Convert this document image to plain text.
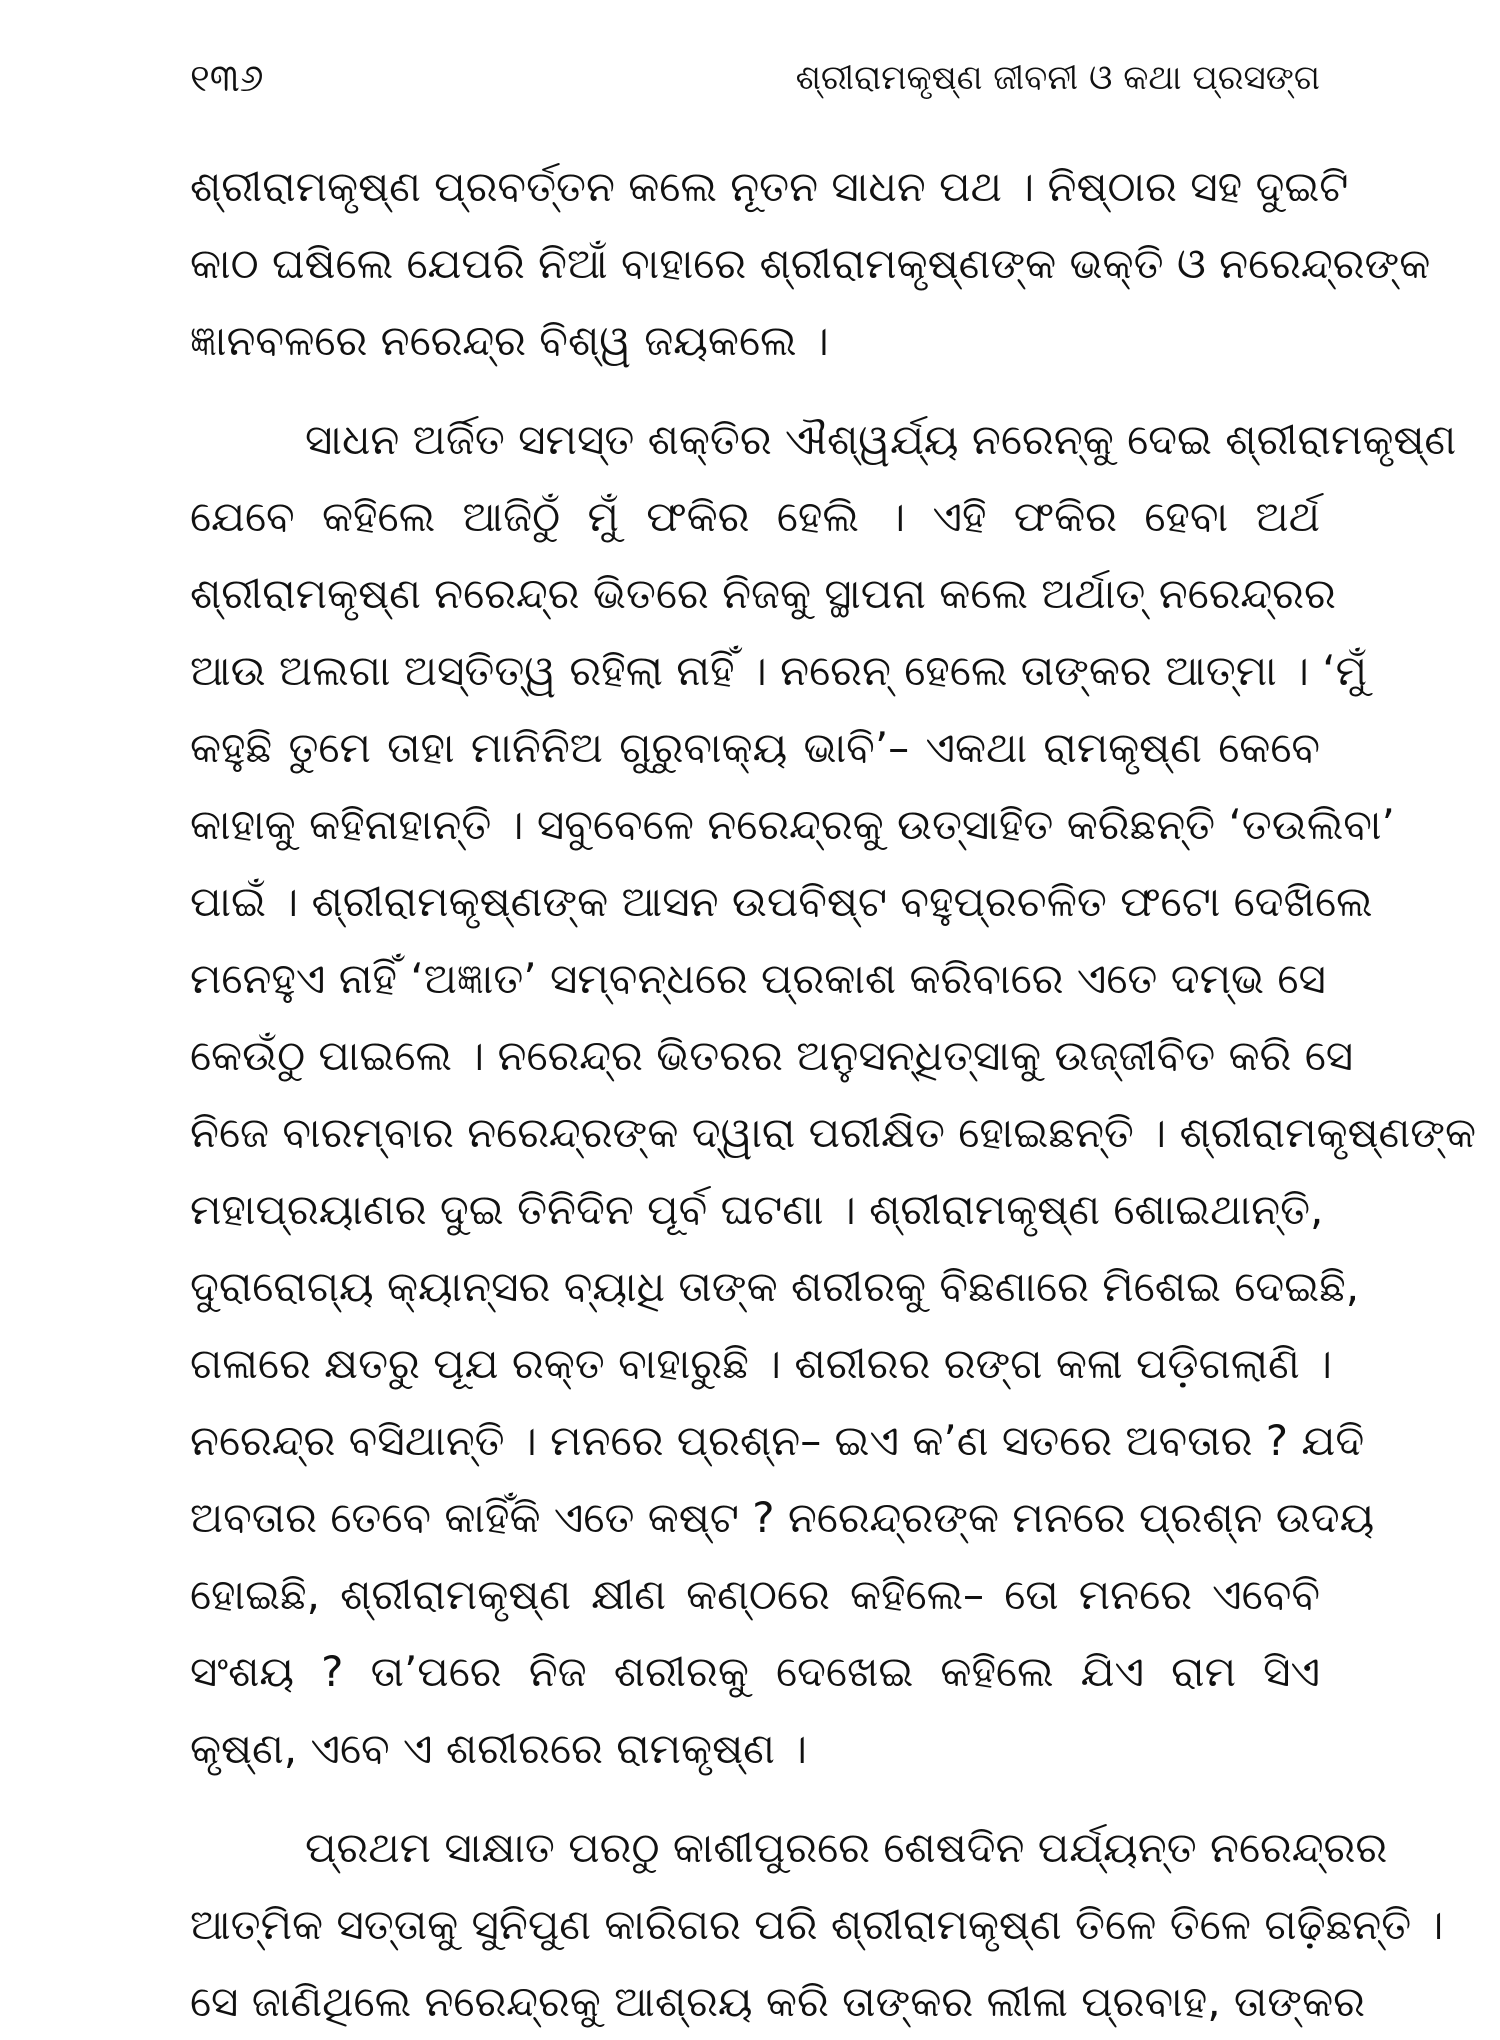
୧୩୬	ଶ୍ରୀରାମକୃଷ୍ଣ ଜୀବନୀ ଓ କଥା ପ୍ରସଙ୍ଗ
ଶ୍ରୀରାମକୃଷ୍ଣ ପ୍ରବର୍ତ୍ତନ କଲେ ନୂତନ ସାଧନ ପଥ । ନିଷ୍ଠାର ସହ ଦୁଇଟି
କାଠ ଘଷିଲେ ଯେପରି ନିଆଁ ବାହାରେ ଶ୍ରୀରାମକୃଷ୍ଣଙ୍କ ଭକ୍ତି ଓ ନରେନ୍ଦ୍ରଙ୍କ
ଜ୍ଞାନବଳରେ ନରେନ୍ଦ୍ର ବିଶ୍ୱ ଜୟକଲେ ।
ସାଧନ ଅର୍ଜିତ ସମସ୍ତ ଶକ୍ତିର ଐଶ୍ୱର୍ଯ୍ୟ ନରେନ୍‌କୁ ଦେଇ ଶ୍ରୀରାମକୃଷ୍ଣ
ଯେବେ କହିଲେ ଆଜିଠୁଁ ମୁଁ ଫକିର ହେଲି । ଏହି ଫକିର ହେବା ଅର୍ଥ
ଶ୍ରୀରାମକୃଷ୍ଣ ନରେନ୍ଦ୍ର ଭିତରେ ନିଜକୁ ସ୍ଥାପନା କଲେ ଅର୍ଥାତ୍ ନରେନ୍ଦ୍ରର
ଆଉ ଅଲଗା ଅସ୍ତିତ୍ୱ ରହିଲା ନାହିଁ । ନରେନ୍ ହେଲେ ତାଙ୍କର ଆତ୍ମା । ‘ମୁଁ
କହୁଛି ତୁମେ ତାହା ମାନିନିଅ ଗୁରୁବାକ୍ୟ ଭାବି’– ଏକଥା ରାମକୃଷ୍ଣ କେବେ
କାହାକୁ କହିନାହାନ୍ତି । ସବୁବେଳେ ନରେନ୍ଦ୍ରକୁ ଉତ୍ସାହିତ କରିଛନ୍ତି ‘ତଉଲିବା’
ପାଇଁ । ଶ୍ରୀରାମକୃଷ୍ଣଙ୍କ ଆସନ ଉପବିଷ୍ଟ ବହୁପ୍ରଚଳିତ ଫଟୋ ଦେଖିଲେ
ମନେହୁଏ ନାହିଁ ‘ଅଜ୍ଞାତ’ ସମ୍ବନ୍ଧରେ ପ୍ରକାଶ କରିବାରେ ଏତେ ଦମ୍ଭ ସେ
କେଉଁଠୁ ପାଇଲେ । ନରେନ୍ଦ୍ର ଭିତରର ଅନୁସନ୍ଧିତ୍ସାକୁ ଉଜ୍ଜୀବିତ କରି ସେ
ନିଜେ ବାରମ୍ବାର ନରେନ୍ଦ୍ରଙ୍କ ଦ୍ୱାରା ପରୀକ୍ଷିତ ହୋଇଛନ୍ତି । ଶ୍ରୀରାମକୃଷ୍ଣଙ୍କ
ମହାପ୍ରୟାଣର ଦୁଇ ତିନିଦିନ ପୂର୍ବ ଘଟଣା । ଶ୍ରୀରାମକୃଷ୍ଣ ଶୋଇଥାନ୍ତି,
ଦୁରାରୋଗ୍ୟ କ୍ୟାନ୍‌ସର ବ୍ୟାଧି ତାଙ୍କ ଶରୀରକୁ ବିଛଣାରେ ମିଶେଇ ଦେଇଛି,
ଗଳାରେ କ୍ଷତରୁ ପୂଯ ରକ୍ତ ବାହାରୁଛି । ଶରୀରର ରଙ୍ଗ କଳା ପଡ଼ିଗଲାଣି ।
ନରେନ୍ଦ୍ର ବସିଥାନ୍ତି । ମନରେ ପ୍ରଶ୍ନ– ଇଏ କ’ଣ ସତରେ ଅବତାର ? ଯଦି
ଅବତାର ତେବେ କାହିଁକି ଏତେ କଷ୍ଟ ? ନରେନ୍ଦ୍ରଙ୍କ ମନରେ ପ୍ରଶ୍ନ ଉଦୟ
ହୋଇଛି, ଶ୍ରୀରାମକୃଷ୍ଣ କ୍ଷୀଣ କଣ୍ଠରେ କହିଲେ– ତୋ ମନରେ ଏବେବି
ସଂଶୟ ? ତା’ପରେ ନିଜ ଶରୀରକୁ ଦେଖେଇ କହିଲେ ଯିଏ ରାମ ସିଏ
କୃଷ୍ଣ, ଏବେ ଏ ଶରୀରରେ ରାମକୃଷ୍ଣ ।
ପ୍ରଥମ ସାକ୍ଷାତ ପରଠୁ କାଶୀପୁରରେ ଶେଷଦିନ ପର୍ଯ୍ୟନ୍ତ ନରେନ୍ଦ୍ରର
ଆତ୍ମିକ ସତ୍ତାକୁ ସୁନିପୁଣ କାରିଗର ପରି ଶ୍ରୀରାମକୃଷ୍ଣ ତିଳେ ତିଳେ ଗଢ଼ିଛନ୍ତି ।
ସେ ଜାଣିଥିଲେ ନରେନ୍ଦ୍ରକୁ ଆଶ୍ରୟ କରି ତାଙ୍କର ଲୀଳା ପ୍ରବାହ, ତାଙ୍କର
